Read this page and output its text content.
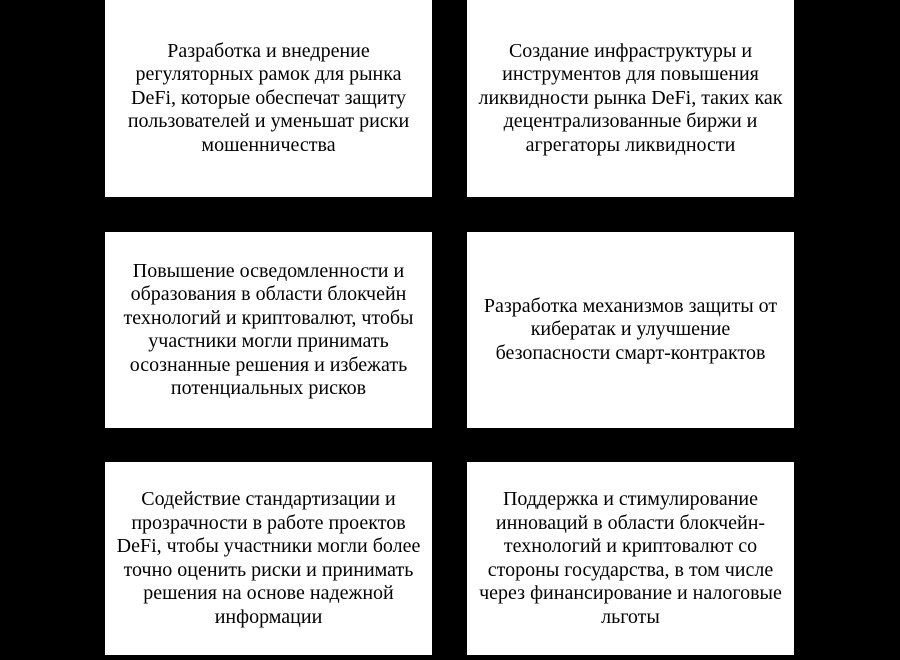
Разработка и внедрение регуляторных рамок для рынка DeFi, которые обеспечат защиту пользователей и уменьшат риски мошенничества
Создание инфраструктуры и инструментов для повышения ликвидности рынка DeFi, таких как децентрализованные биржи и агрегаторы ликвидности
Повышение осведомленности и образования в области блокчейн технологий и криптовалют, чтобы участники могли принимать осознанные решения и избежать потенциальных рисков
Разработка механизмов защиты от кибератак и улучшение безопасности смарт-контрактов
Содействие стандартизации и прозрачности в работе проектов DeFi, чтобы участники могли более точно оценить риски и принимать решения на основе надежной информации
Поддержка и стимулирование инноваций в области блокчейн-технологий и криптовалют со стороны государства, в том числе через финансирование и налоговые льготы
